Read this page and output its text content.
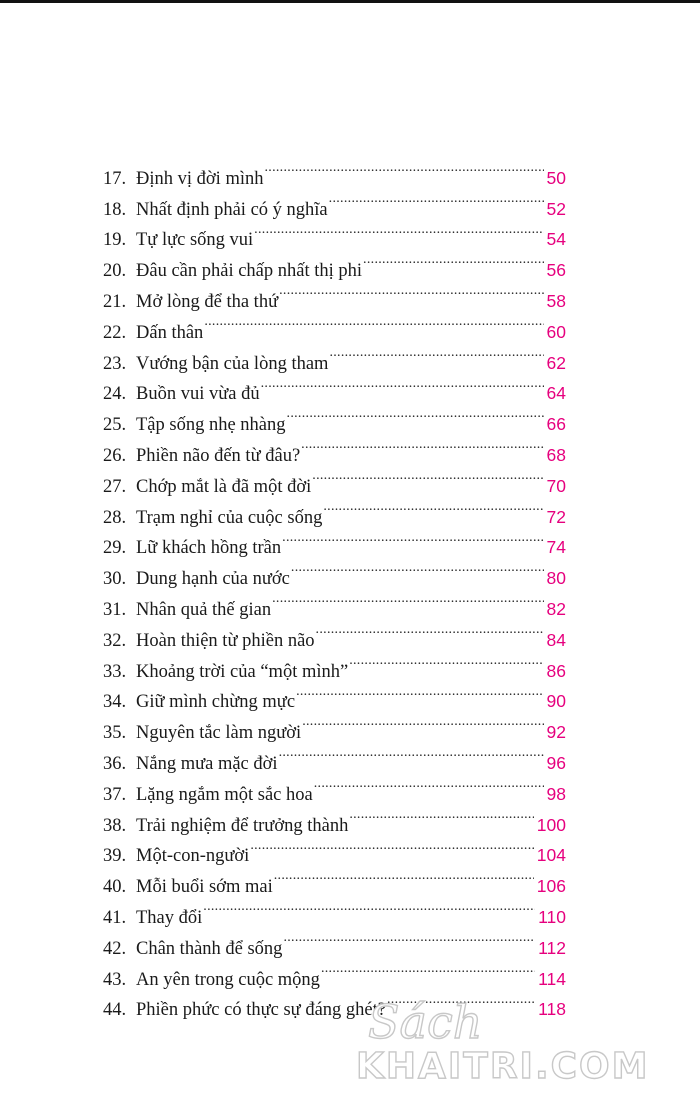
17. Định vị đời mình .....	50
18. Nhất định phải có ý nghĩa .....	52
19. Tự lực sống vui .....	54
20. Đâu cần phải chấp nhất thị phi .....	56
21. Mở lòng để tha thứ .....	58
22. Dấn thân .....	60
23. Vướng bận của lòng tham .....	62
24. Buồn vui vừa đủ .....	64
25. Tập sống nhẹ nhàng .....	66
26. Phiền não đến từ đâu? .....	68
27. Chớp mắt là đã một đời .....	70
28. Trạm nghỉ của cuộc sống .....	72
29. Lữ khách hồng trần .....	74
30. Dung hạnh của nước .....	80
31. Nhân quả thế gian .....	82
32. Hoàn thiện từ phiền não .....	84
33. Khoảng trời của “một mình” .....	86
34. Giữ mình chừng mực .....	90
35. Nguyên tắc làm người .....	92
36. Nắng mưa mặc đời .....	96
37. Lặng ngắm một sắc hoa .....	98
38. Trải nghiệm để trưởng thành .....	100
39. Một-con-người .....	104
40. Mỗi buổi sớm mai .....	106
41. Thay đổi .....	110
42. Chân thành để sống .....	112
43. An yên trong cuộc mộng .....	114
44. Phiền phức có thực sự đáng ghét? .....	118
Sách
KHAITRI.COM
